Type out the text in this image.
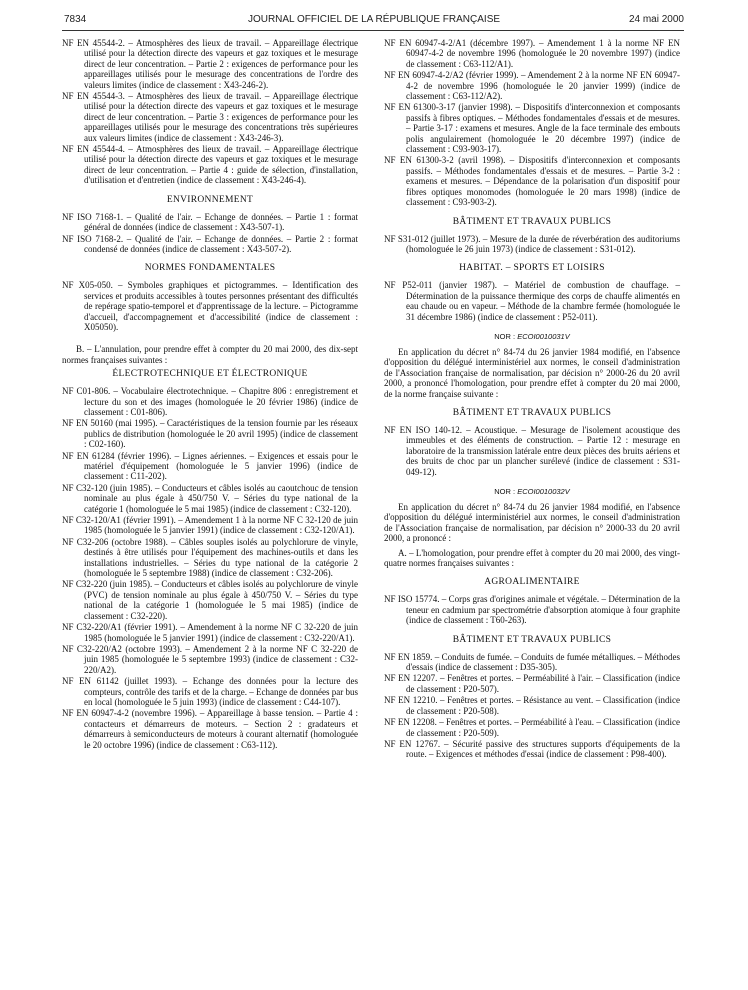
7834	JOURNAL OFFICIEL DE LA RÉPUBLIQUE FRANÇAISE	24 mai 2000

NF EN 45544-2. – Atmosphères des lieux de travail. – Appareillage électrique utilisé pour la détection directe des vapeurs et gaz toxiques et le mesurage direct de leur concentration. – Partie 2 : exigences de performance pour les appareillages utilisés pour le mesurage des concentrations de l'ordre des valeurs limites (indice de classement : X43-246-2).

NF EN 45544-3. – Atmosphères des lieux de travail. – Appareillage électrique utilisé pour la détection directe des vapeurs et gaz toxiques et le mesurage direct de leur concentration. – Partie 3 : exigences de performance pour les appareillages utilisés pour le mesurage des concentrations très supérieures aux valeurs limites (indice de classement : X43-246-3).

NF EN 45544-4. – Atmosphères des lieux de travail. – Appareillage électrique utilisé pour la détection directe des vapeurs et gaz toxiques et le mesurage direct de leur concentration. – Partie 4 : guide de sélection, d'installation, d'utilisation et d'entretien (indice de classement : X43-246-4).

ENVIRONNEMENT

NF ISO 7168-1. – Qualité de l'air. – Echange de données. – Partie 1 : format général de données (indice de classement : X43-507-1).

NF ISO 7168-2. – Qualité de l'air. – Echange de données. – Partie 2 : format condensé de données (indice de classement : X43-507-2).

NORMES FONDAMENTALES

NF X05-050. – Symboles graphiques et pictogrammes. – Identification des services et produits accessibles à toutes personnes présentant des difficultés de repérage spatio-temporel et d'apprentissage de la lecture. – Pictogramme d'accueil, d'accompagnement et d'accessibilité (indice de classement : X05050).

B. – L'annulation, pour prendre effet à compter du 20 mai 2000, des dix-sept normes françaises suivantes :

ÉLECTROTECHNIQUE ET ÉLECTRONIQUE

NF C01-806. – Vocabulaire électrotechnique. – Chapitre 806 : enregistrement et lecture du son et des images (homologuée le 20 février 1986) (indice de classement : C01-806).

NF EN 50160 (mai 1995). – Caractéristiques de la tension fournie par les réseaux publics de distribution (homologuée le 20 avril 1995) (indice de classement : C02-160).

NF EN 61284 (février 1996). – Lignes aériennes. – Exigences et essais pour le matériel d'équipement (homologuée le 5 janvier 1996) (indice de classement : C11-202).

NF C32-120 (juin 1985). – Conducteurs et câbles isolés au caoutchouc de tension nominale au plus égale à 450/750 V. – Séries du type national de la catégorie 1 (homologuée le 5 mai 1985) (indice de classement : C32-120).

NF C32-120/A1 (février 1991). – Amendement 1 à la norme NF C 32-120 de juin 1985 (homologuée le 5 janvier 1991) (indice de classement : C32-120/A1).

NF C32-206 (octobre 1988). – Câbles souples isolés au polychlorure de vinyle, destinés à être utilisés pour l'équipement des machines-outils et dans les installations industrielles. – Séries du type national de la catégorie 2 (homologuée le 5 septembre 1988) (indice de classement : C32-206).

NF C32-220 (juin 1985). – Conducteurs et câbles isolés au polychlorure de vinyle (PVC) de tension nominale au plus égale à 450/750 V. – Séries du type national de la catégorie 1 (homologuée le 5 mai 1985) (indice de classement : C32-220).

NF C32-220/A1 (février 1991). – Amendement à la norme NF C 32-220 de juin 1985 (homologuée le 5 janvier 1991) (indice de classement : C32-220/A1).

NF C32-220/A2 (octobre 1993). – Amendement 2 à la norme NF C 32-220 de juin 1985 (homologuée le 5 septembre 1993) (indice de classement : C32-220/A2).

NF EN 61142 (juillet 1993). – Echange des données pour la lecture des compteurs, contrôle des tarifs et de la charge. – Echange de données par bus en local (homologuée le 5 juin 1993) (indice de classement : C44-107).

NF EN 60947-4-2 (novembre 1996). – Appareillage à basse tension. – Partie 4 : contacteurs et démarreurs de moteurs. – Section 2 : gradateurs et démarreurs à semiconducteurs de moteurs à courant alternatif (homologuée le 20 octobre 1996) (indice de classement : C63-112).

NF EN 60947-4-2/A1 (décembre 1997). – Amendement 1 à la norme NF EN 60947-4-2 de novembre 1996 (homologuée le 20 novembre 1997) (indice de classement : C63-112/A1).

NF EN 60947-4-2/A2 (février 1999). – Amendement 2 à la norme NF EN 60947-4-2 de novembre 1996 (homologuée le 20 janvier 1999) (indice de classement : C63-112/A2).

NF EN 61300-3-17 (janvier 1998). – Dispositifs d'interconnexion et composants passifs à fibres optiques. – Méthodes fondamentales d'essais et de mesures. – Partie 3-17 : examens et mesures. Angle de la face terminale des embouts polis angulairement (homologuée le 20 décembre 1997) (indice de classement : C93-903-17).

NF EN 61300-3-2 (avril 1998). – Dispositifs d'interconnexion et composants passifs. – Méthodes fondamentales d'essais et de mesures. – Partie 3-2 : examens et mesures. – Dépendance de la polarisation d'un dispositif pour fibres optiques monomodes (homologuée le 20 mars 1998) (indice de classement : C93-903-2).

BÂTIMENT ET TRAVAUX PUBLICS

NF S31-012 (juillet 1973). – Mesure de la durée de réverbération des auditoriums (homologuée le 26 juin 1973) (indice de classement : S31-012).

HABITAT. – SPORTS ET LOISIRS

NF P52-011 (janvier 1987). – Matériel de combustion de chauffage. – Détermination de la puissance thermique des corps de chauffe alimentés en eau chaude ou en vapeur. – Méthode de la chambre fermée (homologuée le 31 décembre 1986) (indice de classement : P52-011).

NOR : ECOI0010031V

En application du décret n° 84-74 du 26 janvier 1984 modifié, en l'absence d'opposition du délégué interministériel aux normes, le conseil d'administration de l'Association française de normalisation, par décision n° 2000-26 du 20 avril 2000, a prononcé l'homologation, pour prendre effet à compter du 20 mai 2000, de la norme française suivante :

BÂTIMENT ET TRAVAUX PUBLICS

NF EN ISO 140-12. – Acoustique. – Mesurage de l'isolement acoustique des immeubles et des éléments de construction. – Partie 12 : mesurage en laboratoire de la transmission latérale entre deux pièces des bruits aériens et des bruits de choc par un plancher surélevé (indice de classement : S31-049-12).

NOR : ECOI0010032V

En application du décret n° 84-74 du 26 janvier 1984 modifié, en l'absence d'opposition du délégué interministériel aux normes, le conseil d'administration de l'Association française de normalisation, par décision n° 2000-33 du 20 avril 2000, a prononcé :

A. – L'homologation, pour prendre effet à compter du 20 mai 2000, des vingt-quatre normes françaises suivantes :

AGROALIMENTAIRE

NF ISO 15774. – Corps gras d'origines animale et végétale. – Détermination de la teneur en cadmium par spectrométrie d'absorption atomique à four graphite (indice de classement : T60-263).

BÂTIMENT ET TRAVAUX PUBLICS

NF EN 1859. – Conduits de fumée. – Conduits de fumée métalliques. – Méthodes d'essais (indice de classement : D35-305).

NF EN 12207. – Fenêtres et portes. – Perméabilité à l'air. – Classification (indice de classement : P20-507).

NF EN 12210. – Fenêtres et portes. – Résistance au vent. – Classification (indice de classement : P20-508).

NF EN 12208. – Fenêtres et portes. – Perméabilité à l'eau. – Classification (indice de classement : P20-509).

NF EN 12767. – Sécurité passive des structures supports d'équipements de la route. – Exigences et méthodes d'essai (indice de classement : P98-400).
